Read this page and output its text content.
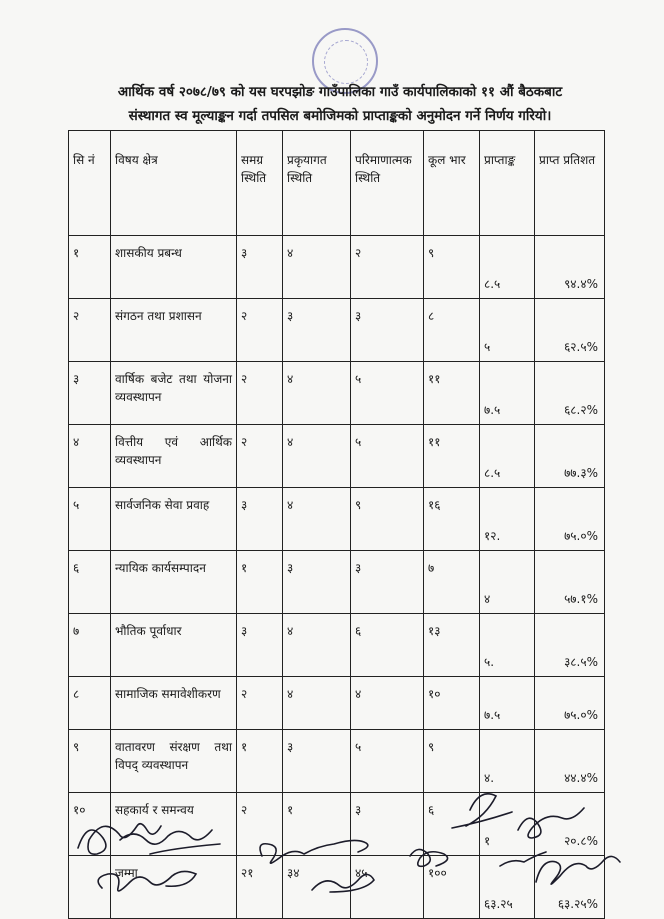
आर्थिक वर्ष २०७८/७९ को यस घरपझोङ गाउँपालिका गाउँ कार्यपालिकाको ११ औं बैठकबाट
संस्थागत स्व मूल्याङ्कन गर्दा तपसिल बमोजिमको प्राप्ताङ्कको अनुमोदन गर्ने निर्णय गरियो।
सि नं	विषय क्षेत्र	समग्र स्थिति	प्रकृयागत स्थिति	परिमाणात्मक स्थिति	कूल भार	प्राप्ताङ्क	प्राप्त प्रतिशत
१	शासकीय प्रबन्ध	३	४	२	९	८.५	९४.४%
२	संगठन तथा प्रशासन	२	३	३	८	५	६२.५%
३	वार्षिक बजेट तथा योजना व्यवस्थापन	२	४	५	११	७.५	६८.२%
४	वित्तीय एवं आर्थिक व्यवस्थापन	२	४	५	११	८.५	७७.३%
५	सार्वजनिक सेवा प्रवाह	३	४	९	१६	१२.	७५.०%
६	न्यायिक कार्यसम्पादन	१	३	३	७	४	५७.१%
७	भौतिक पूर्वाधार	३	४	६	१३	५.	३८.५%
८	सामाजिक समावेशीकरण	२	४	४	१०	७.५	७५.०%
९	वातावरण संरक्षण तथा विपद् व्यवस्थापन	१	३	५	९	४.	४४.४%
१०	सहकार्य र समन्वय	२	१	३	६	१	२०.८%
	जम्मा	२१	३४	४५	१००	६३.२५	६३.२५%
